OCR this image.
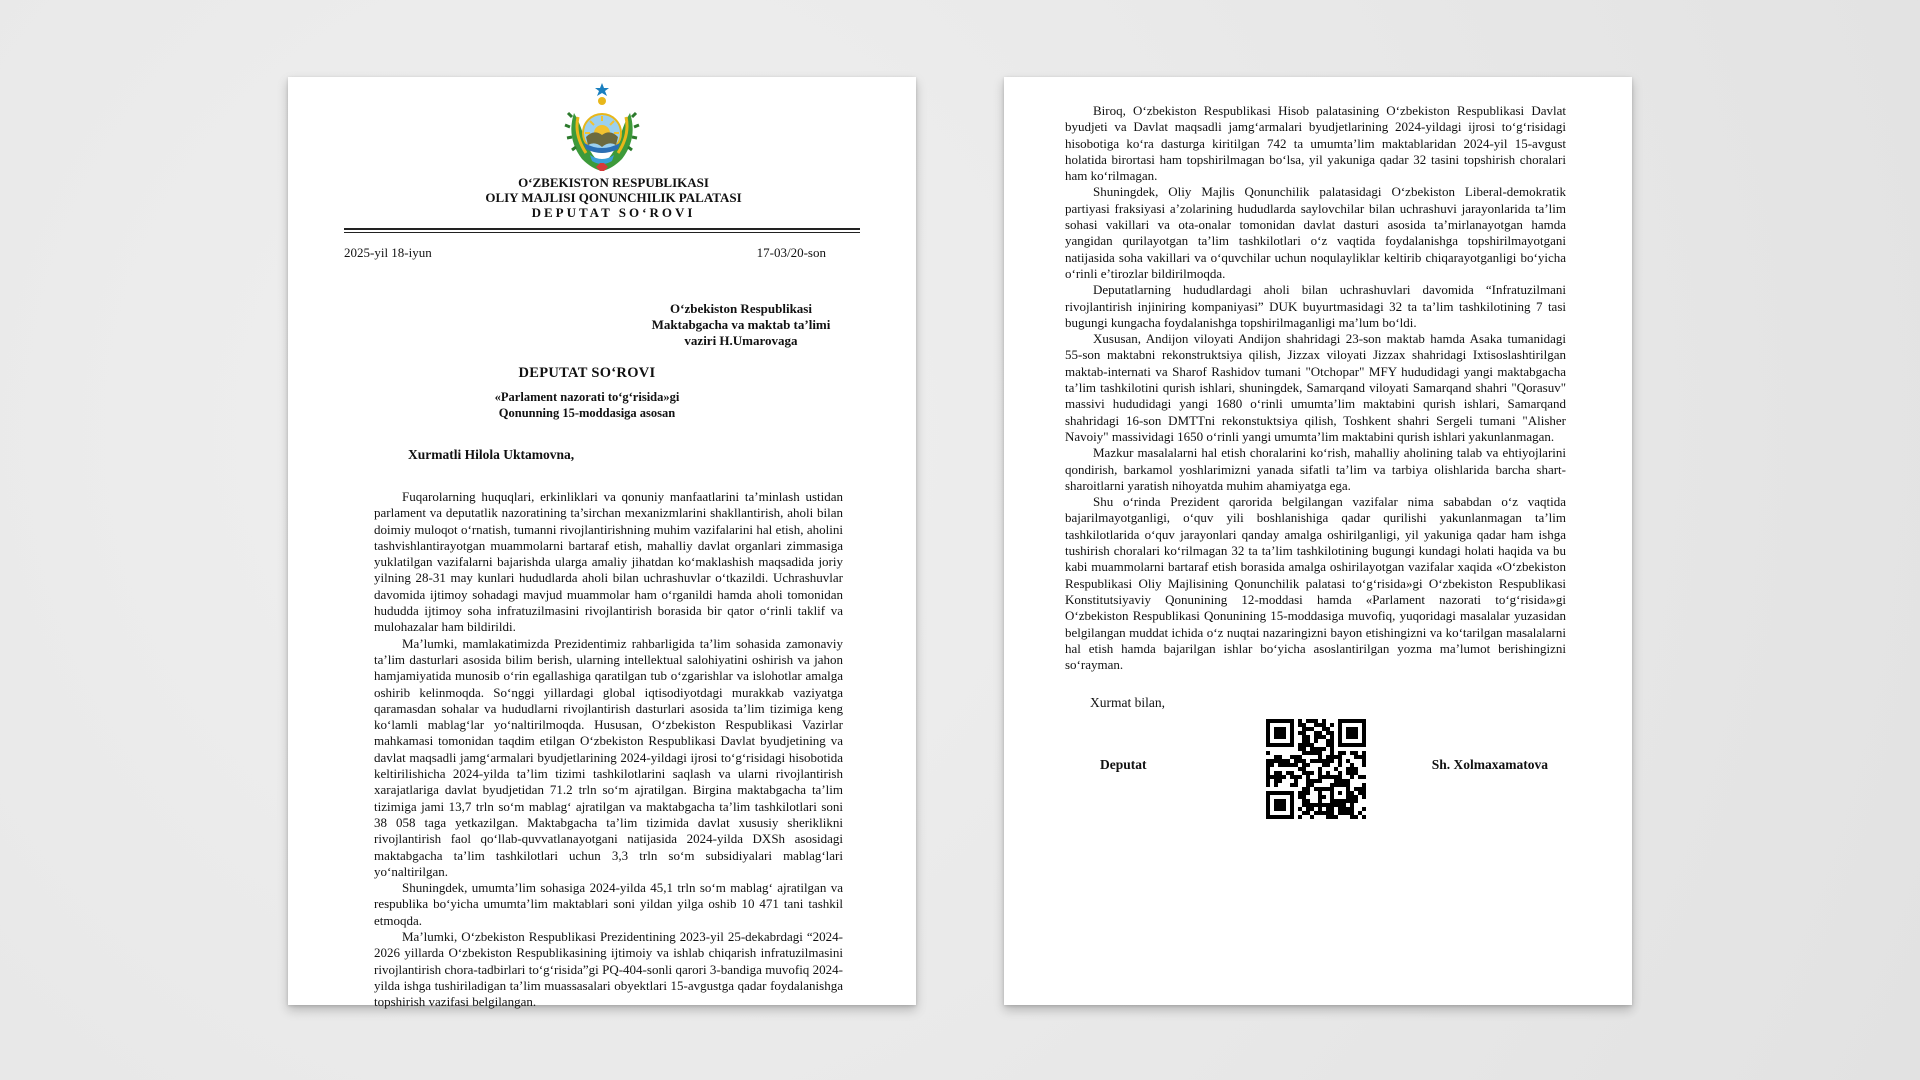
O‘ZBEKISTON RESPUBLIKASI
OLIY MAJLISI QONUNCHILIK PALATASI
DEPUTAT SO‘ROVI
2025-yil 18-iyun	17-03/20-son
O‘zbekiston Respublikasi
Maktabgacha va maktab ta’limi
vaziri H.Umarovaga
DEPUTAT SO‘ROVI
«Parlament nazorati to‘g‘risida»gi
Qonunning 15-moddasiga asosan
Xurmatli Hilola Uktamovna,

Fuqarolarning huquqlari, erkinliklari va qonuniy manfaatlarini ta’minlash ustidan parlament va deputatlik nazoratining ta’sirchan mexanizmlarini shakllantirish, aholi bilan doimiy muloqot o‘rnatish, tumanni rivojlantirishning muhim vazifalarini hal etish, aholini tashvishlantirayotgan muammolarni bartaraf etish, mahalliy davlat organlari zimmasiga yuklatilgan vazifalarni bajarishda ularga amaliy jihatdan ko‘maklashish maqsadida joriy yilning 28-31 may kunlari hududlarda aholi bilan uchrashuvlar o‘tkazildi. Uchrashuvlar davomida ijtimoy sohadagi mavjud muammolar ham o‘rganildi hamda aholi tomonidan hududda ijtimoy soha infratuzilmasini rivojlantirish borasida bir qator o‘rinli taklif va mulohazalar ham bildirildi.

Ma’lumki, mamlakatimizda Prezidentimiz rahbarligida ta’lim sohasida zamonaviy ta’lim dasturlari asosida bilim berish, ularning intellektual salohiyatini oshirish va jahon hamjamiyatida munosib o‘rin egallashiga qaratilgan tub o‘zgarishlar va islohotlar amalga oshirib kelinmoqda. So‘nggi yillardagi global iqtisodiyotdagi murakkab vaziyatga qaramasdan sohalar va hududlarni rivojlantirish dasturlari asosida ta’lim tizimiga keng ko‘lamli mablag‘lar yo‘naltirilmoqda. Hususan, O‘zbekiston Respublikasi Vazirlar mahkamasi tomonidan taqdim etilgan O‘zbekiston Respublikasi Davlat byudjetining va davlat maqsadli jamg‘armalari byudjetlarining 2024-yildagi ijrosi to‘g‘risidagi hisobotida keltirilishicha 2024-yilda ta’lim tizimi tashkilotlarini saqlash va ularni rivojlantirish xarajatlariga davlat byudjetidan 71.2 trln so‘m ajratilgan. Birgina maktabgacha ta’lim tizimiga jami 13,7 trln so‘m mablag‘ ajratilgan va maktabgacha ta’lim tashkilotlari soni 38 058 taga yetkazilgan. Maktabgacha ta’lim tizimida davlat xususiy sheriklikni rivojlantirish faol qo‘llab-quvvatlanayotgani natijasida 2024-yilda DXSh asosidagi maktabgacha ta’lim tashkilotlari uchun 3,3 trln so‘m subsidiyalari mablag‘lari yo‘naltirilgan.

Shuningdek, umumta’lim sohasiga 2024-yilda 45,1 trln so‘m mablag‘ ajratilgan va respublika bo‘yicha umumta’lim maktablari soni yildan yilga oshib 10 471 tani tashkil etmoqda.

Ma’lumki, O‘zbekiston Respublikasi Prezidentining 2023-yil 25-dekabrdagi “2024-2026 yillarda O‘zbekiston Respublikasining ijtimoiy va ishlab chiqarish infratuzilmasini rivojlantirish chora-tadbirlari to‘g‘risida”gi PQ-404-sonli qarori 3-bandiga muvofiq 2024-yilda ishga tushiriladigan ta’lim muassasalari obyektlari 15-avgustga qadar foydalanishga topshirish vazifasi belgilangan.

Biroq, O‘zbekiston Respublikasi Hisob palatasining O‘zbekiston Respublikasi Davlat byudjeti va Davlat maqsadli jamg‘armalari byudjetlarining 2024-yildagi ijrosi to‘g‘risidagi hisobotiga ko‘ra dasturga kiritilgan 742 ta umumta’lim maktablaridan 2024-yil 15-avgust holatida birortasi ham topshirilmagan bo‘lsa, yil yakuniga qadar 32 tasini topshirish choralari ham ko‘rilmagan.

Shuningdek, Oliy Majlis Qonunchilik palatasidagi O‘zbekiston Liberal-demokratik partiyasi fraksiyasi a’zolarining hududlarda saylovchilar bilan uchrashuvi jarayonlarida ta’lim sohasi vakillari va ota-onalar tomonidan davlat dasturi asosida ta’mirlanayotgan hamda yangidan qurilayotgan ta’lim tashkilotlari o‘z vaqtida foydalanishga topshirilmayotgani natijasida soha vakillari va o‘quvchilar uchun noqulayliklar keltirib chiqarayotganligi bo‘yicha o‘rinli e’tirozlar bildirilmoqda.

Deputatlarning hududlardagi aholi bilan uchrashuvlari davomida “Infratuzilmani rivojlantirish injiniring kompaniyasi” DUK buyurtmasidagi 32 ta ta’lim tashkilotining 7 tasi bugungi kungacha foydalanishga topshirilmaganligi ma’lum bo‘ldi.

Xususan, Andijon viloyati Andijon shahridagi 23-son maktab hamda Asaka tumanidagi 55-son maktabni rekonstruktsiya qilish, Jizzax viloyati Jizzax shahridagi Ixtisoslashtirilgan maktab-internati va Sharof Rashidov tumani "Otchopar" MFY hududidagi yangi maktabgacha ta’lim tashkilotini qurish ishlari, shuningdek, Samarqand viloyati Samarqand shahri "Qorasuv" massivi hududidagi yangi 1680 o‘rinli umumta’lim maktabini qurish ishlari, Samarqand shahridagi 16-son DMTTni rekonstuktsiya qilish, Toshkent shahri Sergeli tumani "Alisher Navoiy" massividagi 1650 o‘rinli yangi umumta’lim maktabini qurish ishlari yakunlanmagan.

Mazkur masalalarni hal etish choralarini ko‘rish, mahalliy aholining talab va ehtiyojlarini qondirish, barkamol yoshlarimizni yanada sifatli ta’lim va tarbiya olishlarida barcha shart-sharoitlarni yaratish nihoyatda muhim ahamiyatga ega.

Shu o‘rinda Prezident qarorida belgilangan vazifalar nima sababdan o‘z vaqtida bajarilmayotganligi, o‘quv yili boshlanishiga qadar qurilishi yakunlanmagan ta’lim tashkilotlarida o‘quv jarayonlari qanday amalga oshirilganligi, yil yakuniga qadar ham ishga tushirish choralari ko‘rilmagan 32 ta ta’lim tashkilotining bugungi kundagi holati haqida va bu kabi muammolarni bartaraf etish borasida amalga oshirilayotgan vazifalar xaqida «O‘zbekiston Respublikasi Oliy Majlisining Qonunchilik palatasi to‘g‘risida»gi O‘zbekiston Respublikasi Konstitutsiyaviy Qonunining 12-moddasi hamda «Parlament nazorati to‘g‘risida»gi O‘zbekiston Respublikasi Qonunining 15-moddasiga muvofiq, yuqoridagi masalalar yuzasidan belgilangan muddat ichida o‘z nuqtai nazaringizni bayon etishingizni va ko‘tarilgan masalalarni hal etish hamda bajarilgan ishlar bo‘yicha asoslantirilgan yozma ma’lumot berishingizni so‘rayman.

Xurmat bilan,
Deputat	Sh. Xolmaxamatova
